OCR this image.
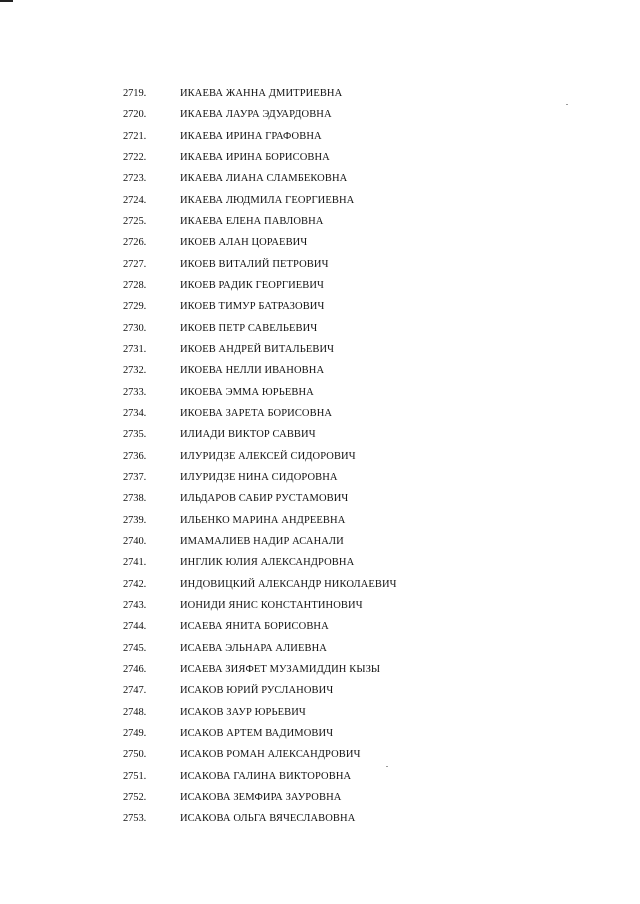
2719.	ИКАЕВА ЖАННА ДМИТРИЕВНА
2720.	ИКАЕВА ЛАУРА ЭДУАРДОВНА
2721.	ИКАЕВА ИРИНА ГРАФОВНА
2722.	ИКАЕВА ИРИНА БОРИСОВНА
2723.	ИКАЕВА ЛИАНА СЛАМБЕКОВНА
2724.	ИКАЕВА ЛЮДМИЛА ГЕОРГИЕВНА
2725.	ИКАЕВА ЕЛЕНА ПАВЛОВНА
2726.	ИКОЕВ АЛАН ЦОРАЕВИЧ
2727.	ИКОЕВ ВИТАЛИЙ ПЕТРОВИЧ
2728.	ИКОЕВ РАДИК ГЕОРГИЕВИЧ
2729.	ИКОЕВ ТИМУР БАТРАЗОВИЧ
2730.	ИКОЕВ ПЕТР САВЕЛЬЕВИЧ
2731.	ИКОЕВ АНДРЕЙ ВИТАЛЬЕВИЧ
2732.	ИКОЕВА НЕЛЛИ ИВАНОВНА
2733.	ИКОЕВА ЭММА ЮРЬЕВНА
2734.	ИКОЕВА ЗАРЕТА БОРИСОВНА
2735.	ИЛИАДИ ВИКТОР САВВИЧ
2736.	ИЛУРИДЗЕ АЛЕКСЕЙ СИДОРОВИЧ
2737.	ИЛУРИДЗЕ НИНА СИДОРОВНА
2738.	ИЛЬДАРОВ САБИР РУСТАМОВИЧ
2739.	ИЛЬЕНКО МАРИНА АНДРЕЕВНА
2740.	ИМАМАЛИЕВ НАДИР АСАНАЛИ
2741.	ИНГЛИК ЮЛИЯ АЛЕКСАНДРОВНА
2742.	ИНДОВИЦКИЙ АЛЕКСАНДР НИКОЛАЕВИЧ
2743.	ИОНИДИ ЯНИС КОНСТАНТИНОВИЧ
2744.	ИСАЕВА ЯНИТА БОРИСОВНА
2745.	ИСАЕВА ЭЛЬНАРА АЛИЕВНА
2746.	ИСАЕВА ЗИЯФЕТ МУЗАМИДДИН КЫЗЫ
2747.	ИСАКОВ ЮРИЙ РУСЛАНОВИЧ
2748.	ИСАКОВ ЗАУР ЮРЬЕВИЧ
2749.	ИСАКОВ АРТЕМ ВАДИМОВИЧ
2750.	ИСАКОВ РОМАН АЛЕКСАНДРОВИЧ
2751.	ИСАКОВА ГАЛИНА ВИКТОРОВНА
2752.	ИСАКОВА ЗЕМФИРА ЗАУРОВНА
2753.	ИСАКОВА ОЛЬГА ВЯЧЕСЛАВОВНА
